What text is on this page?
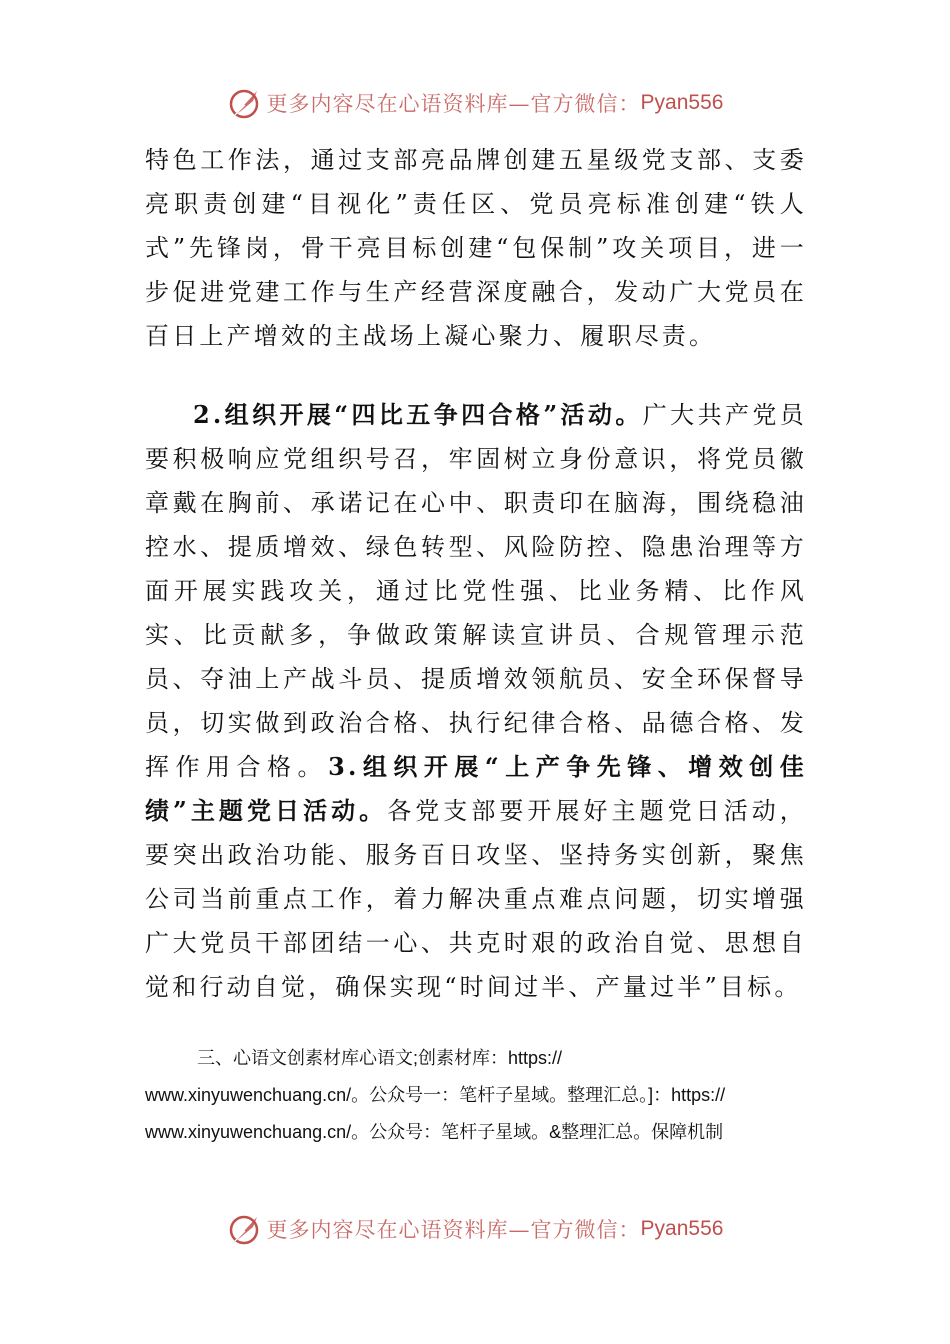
更多内容尽在心语资料库—官方微信： Pyan556

特色工作法，通过支部亮品牌创建五星级党支部、支委亮职责创建“目视化”责任区、党员亮标准创建“铁人式”先锋岗，骨干亮目标创建“包保制”攻关项目，进一步促进党建工作与生产经营深度融合，发动广大党员在百日上产增效的主战场上凝心聚力、履职尽责。

2.组织开展“四比五争四合格”活动。广大共产党员要积极响应党组织号召，牢固树立身份意识，将党员徽章戴在胸前、承诺记在心中、职责印在脑海，围绕稳油控水、提质增效、绿色转型、风险防控、隐患治理等方面开展实践攻关，通过比党性强、比业务精、比作风实、比贡献多，争做政策解读宣讲员、合规管理示范员、夺油上产战斗员、提质增效领航员、安全环保督导员，切实做到政治合格、执行纪律合格、品德合格、发挥作用合格。3.组织开展“上产争先锋、增效创佳绩”主题党日活动。各党支部要开展好主题党日活动，要突出政治功能、服务百日攻坚、坚持务实创新，聚焦公司当前重点工作，着力解决重点难点问题，切实增强广大党员干部团结一心、共克时艰的政治自觉、思想自觉和行动自觉，确保实现“时间过半、产量过半”目标。

三、心语文创素材库心语文;创素材库：https://
www.xinyuwenchuang.cn/。公众号一：笔杆子星域。整理汇总。]：https://
www.xinyuwenchuang.cn/。公众号：笔杆子星域。&整理汇总。保障机制

更多内容尽在心语资料库—官方微信： Pyan556
